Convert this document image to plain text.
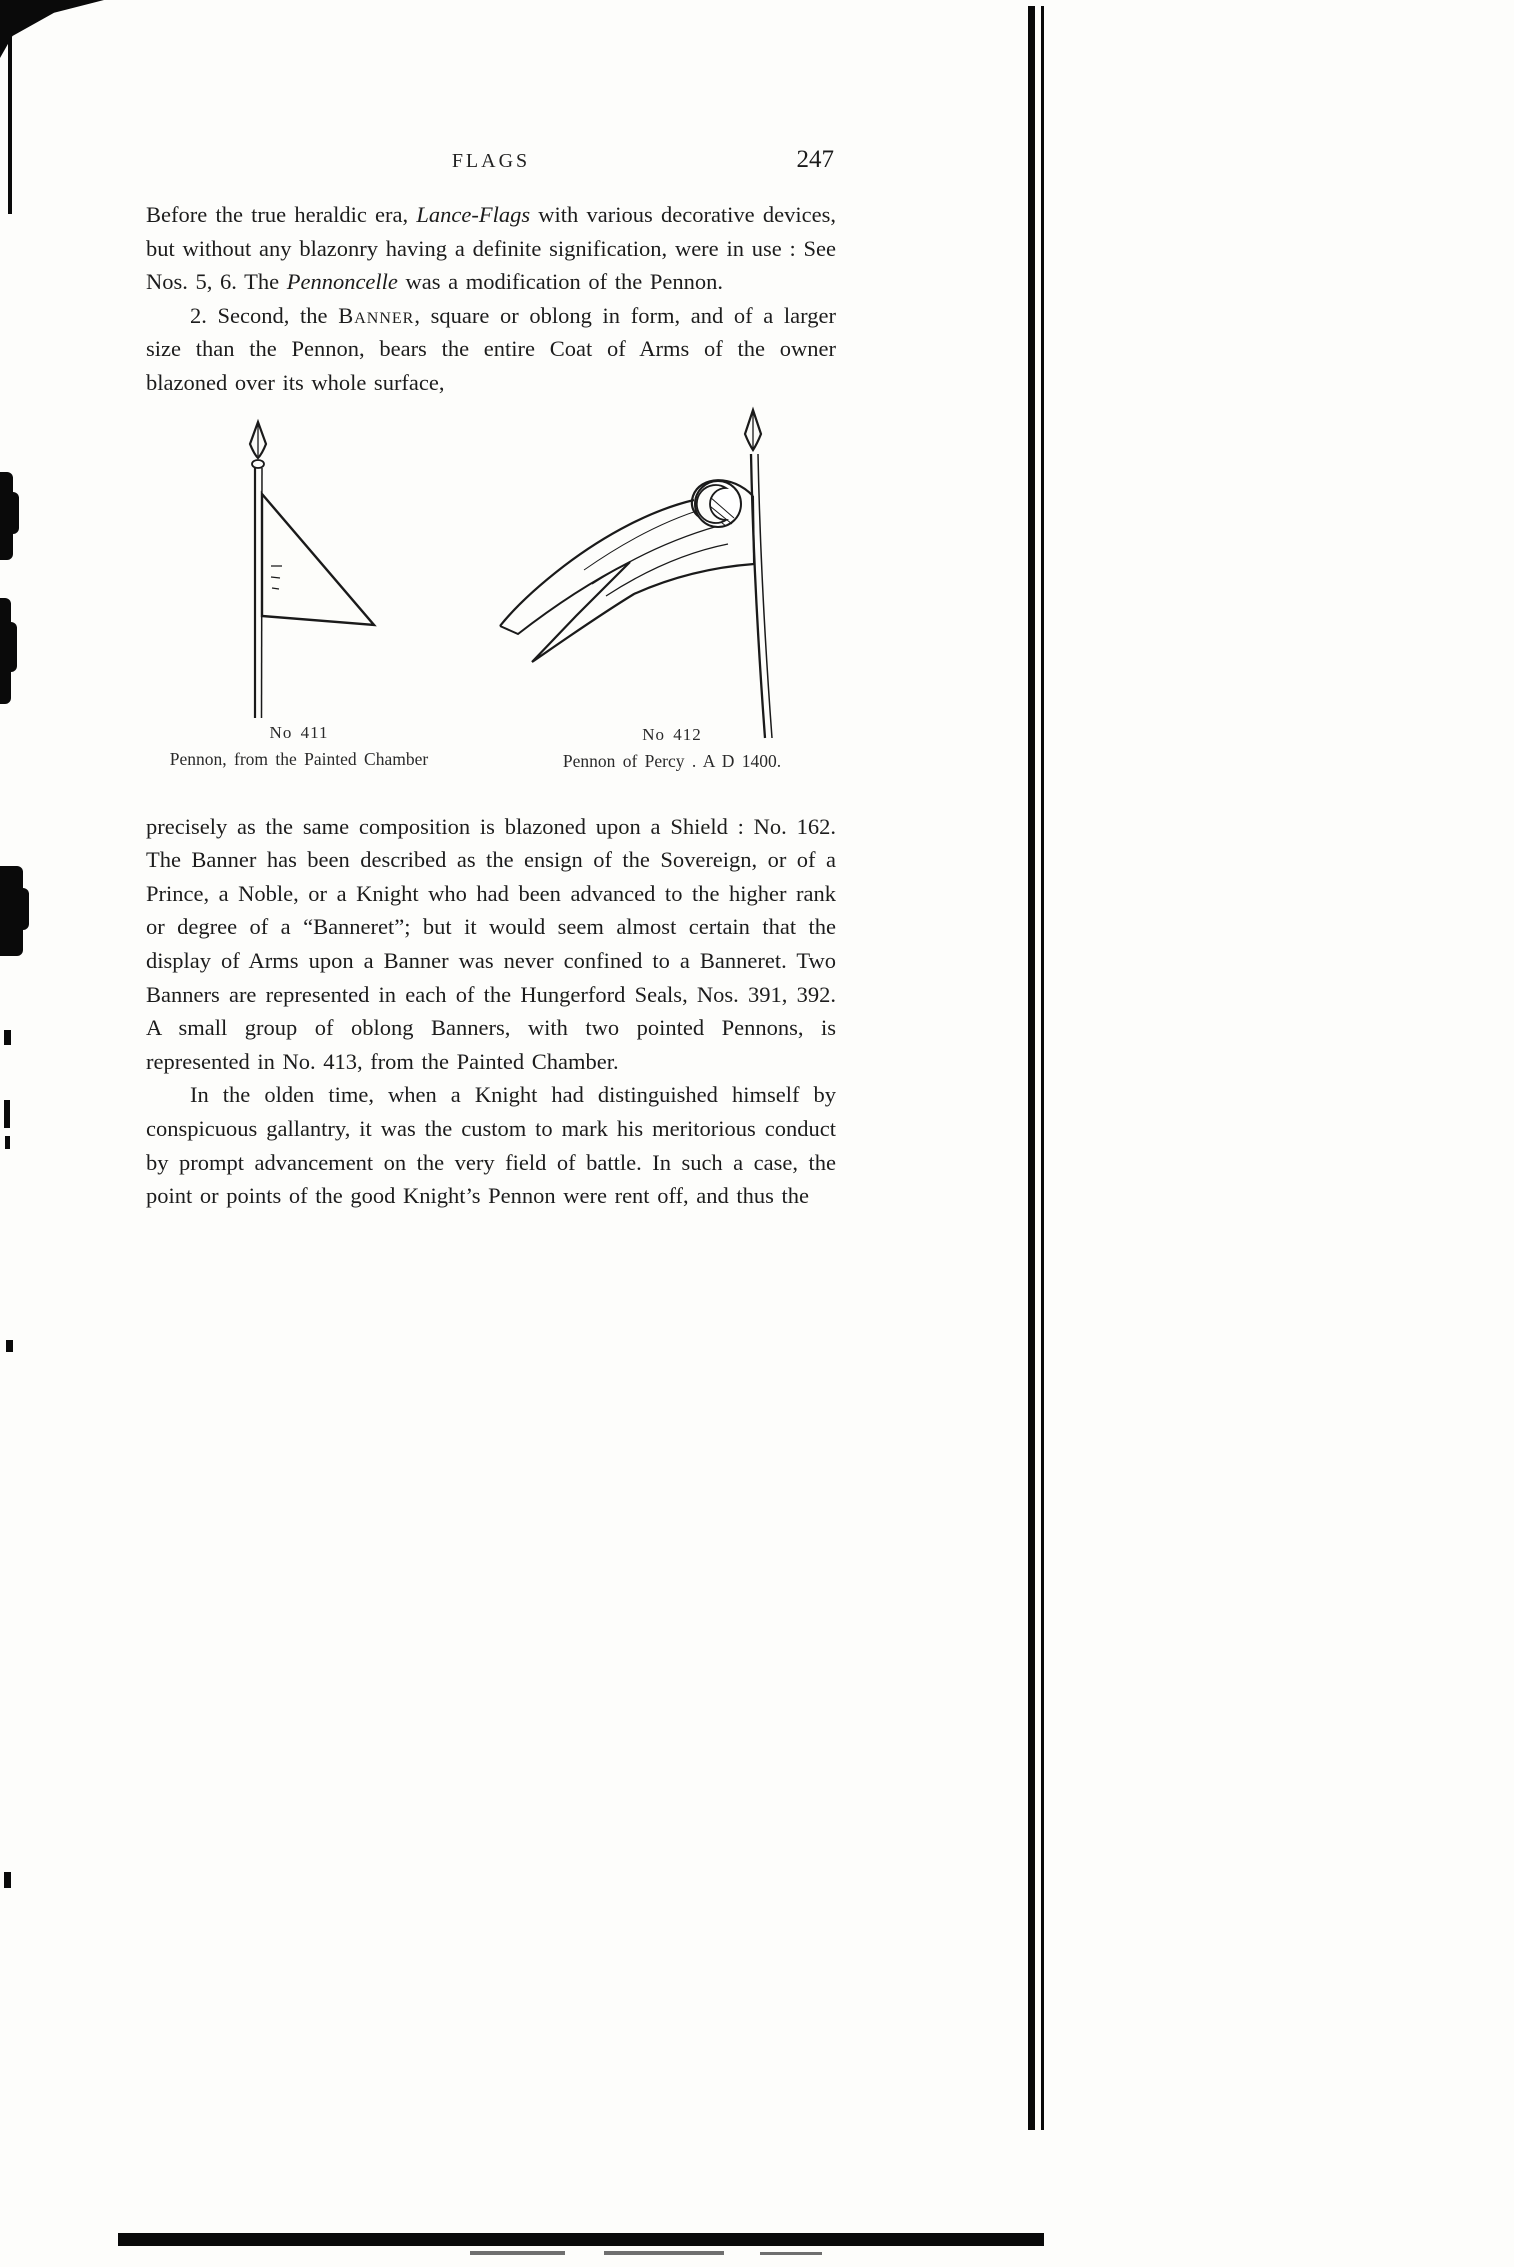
FLAGS	247

Before the true heraldic era, Lance-Flags with various decorative devices, but without any blazonry having a definite signification, were in use : See Nos. 5, 6. The Pennoncelle was a modification of the Pennon.

2. Second, the Banner, square or oblong in form, and of a larger size than the Pennon, bears the entire Coat of Arms of the owner blazoned over its whole surface,

No 411
Pennon, from the Painted Chamber
No 412
Pennon of Percy . A D 1400.

precisely as the same composition is blazoned upon a Shield : No. 162. The Banner has been described as the ensign of the Sovereign, or of a Prince, a Noble, or a Knight who had been advanced to the higher rank or degree of a “Banneret”; but it would seem almost certain that the display of Arms upon a Banner was never confined to a Banneret. Two Banners are represented in each of the Hungerford Seals, Nos. 391, 392. A small group of oblong Banners, with two pointed Pennons, is represented in No. 413, from the Painted Chamber.

In the olden time, when a Knight had distinguished himself by conspicuous gallantry, it was the custom to mark his meritorious conduct by prompt advancement on the very field of battle. In such a case, the point or points of the good Knight’s Pennon were rent off, and thus the
